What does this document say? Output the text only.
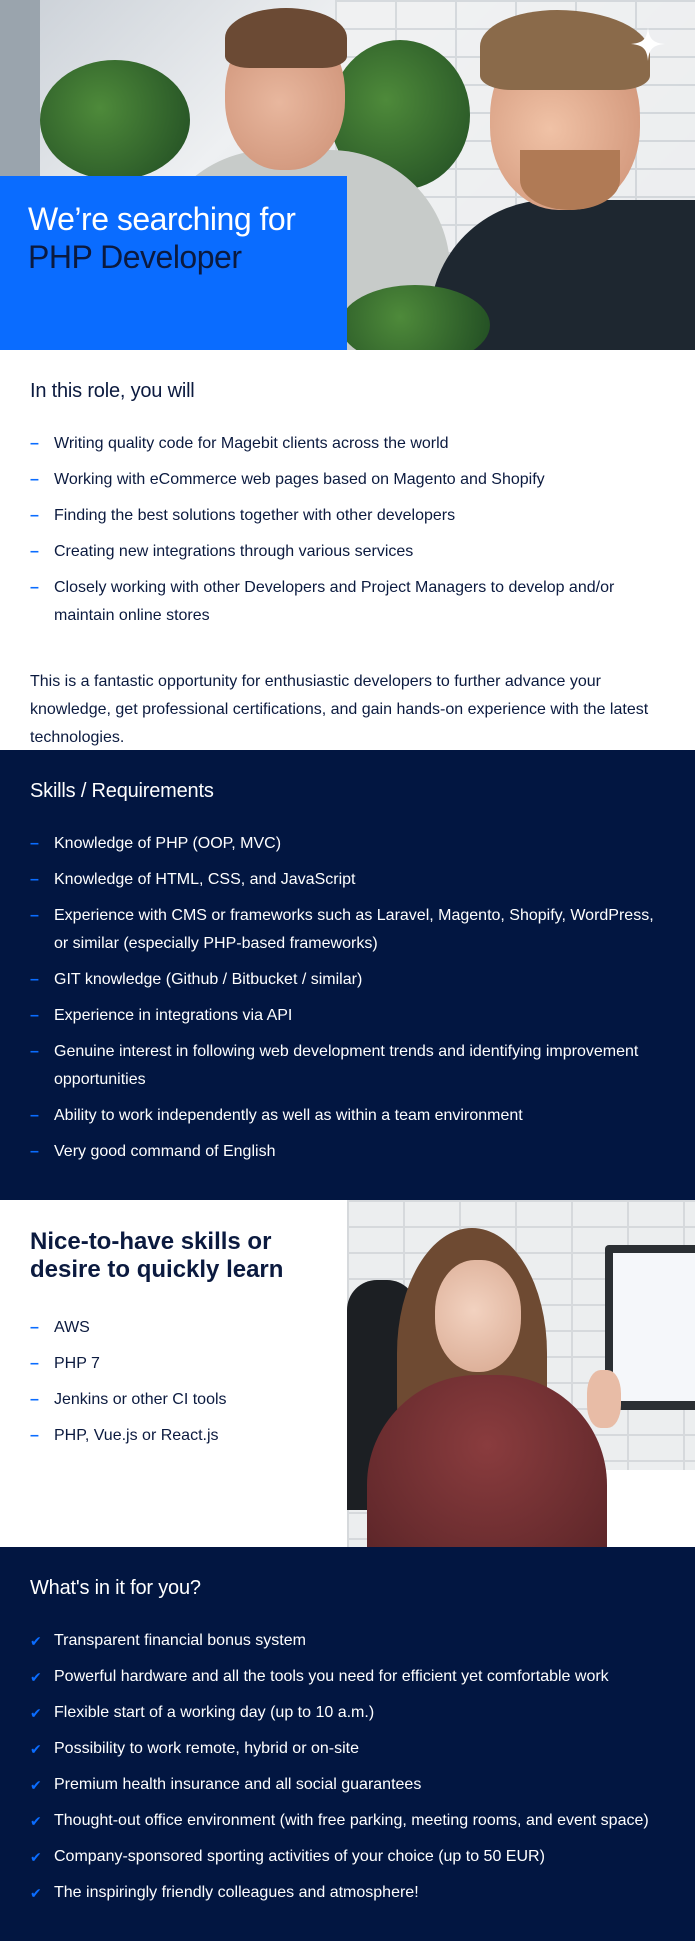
We’re searching for
PHP Developer
In this role, you will
– Writing quality code for Magebit clients across the world
– Working with eCommerce web pages based on Magento and Shopify
– Finding the best solutions together with other developers
– Creating new integrations through various services
– Closely working with other Developers and Project Managers to develop and/or maintain online stores

This is a fantastic opportunity for enthusiastic developers to further advance your knowledge, get professional certifications, and gain hands-on experience with the latest technologies.

Skills / Requirements
– Knowledge of PHP (OOP, MVC)
– Knowledge of HTML, CSS, and JavaScript
– Experience with CMS or frameworks such as Laravel, Magento, Shopify, WordPress, or similar (especially PHP-based frameworks)
– GIT knowledge (Github / Bitbucket / similar)
– Experience in integrations via API
– Genuine interest in following web development trends and identifying improvement opportunities
– Ability to work independently as well as within a team environment
– Very good command of English
Nice-to-have skills or desire to quickly learn
– AWS
– PHP 7
– Jenkins or other CI tools
– PHP, Vue.js or React.js
What's in it for you?
✔ Transparent financial bonus system
✔ Powerful hardware and all the tools you need for efficient yet comfortable work
✔ Flexible start of a working day (up to 10 a.m.)
✔ Possibility to work remote, hybrid or on-site
✔ Premium health insurance and all social guarantees
✔ Thought-out office environment (with free parking, meeting rooms, and event space)
✔ Company-sponsored sporting activities of your choice (up to 50 EUR)
✔ The inspiringly friendly colleagues and atmosphere!
